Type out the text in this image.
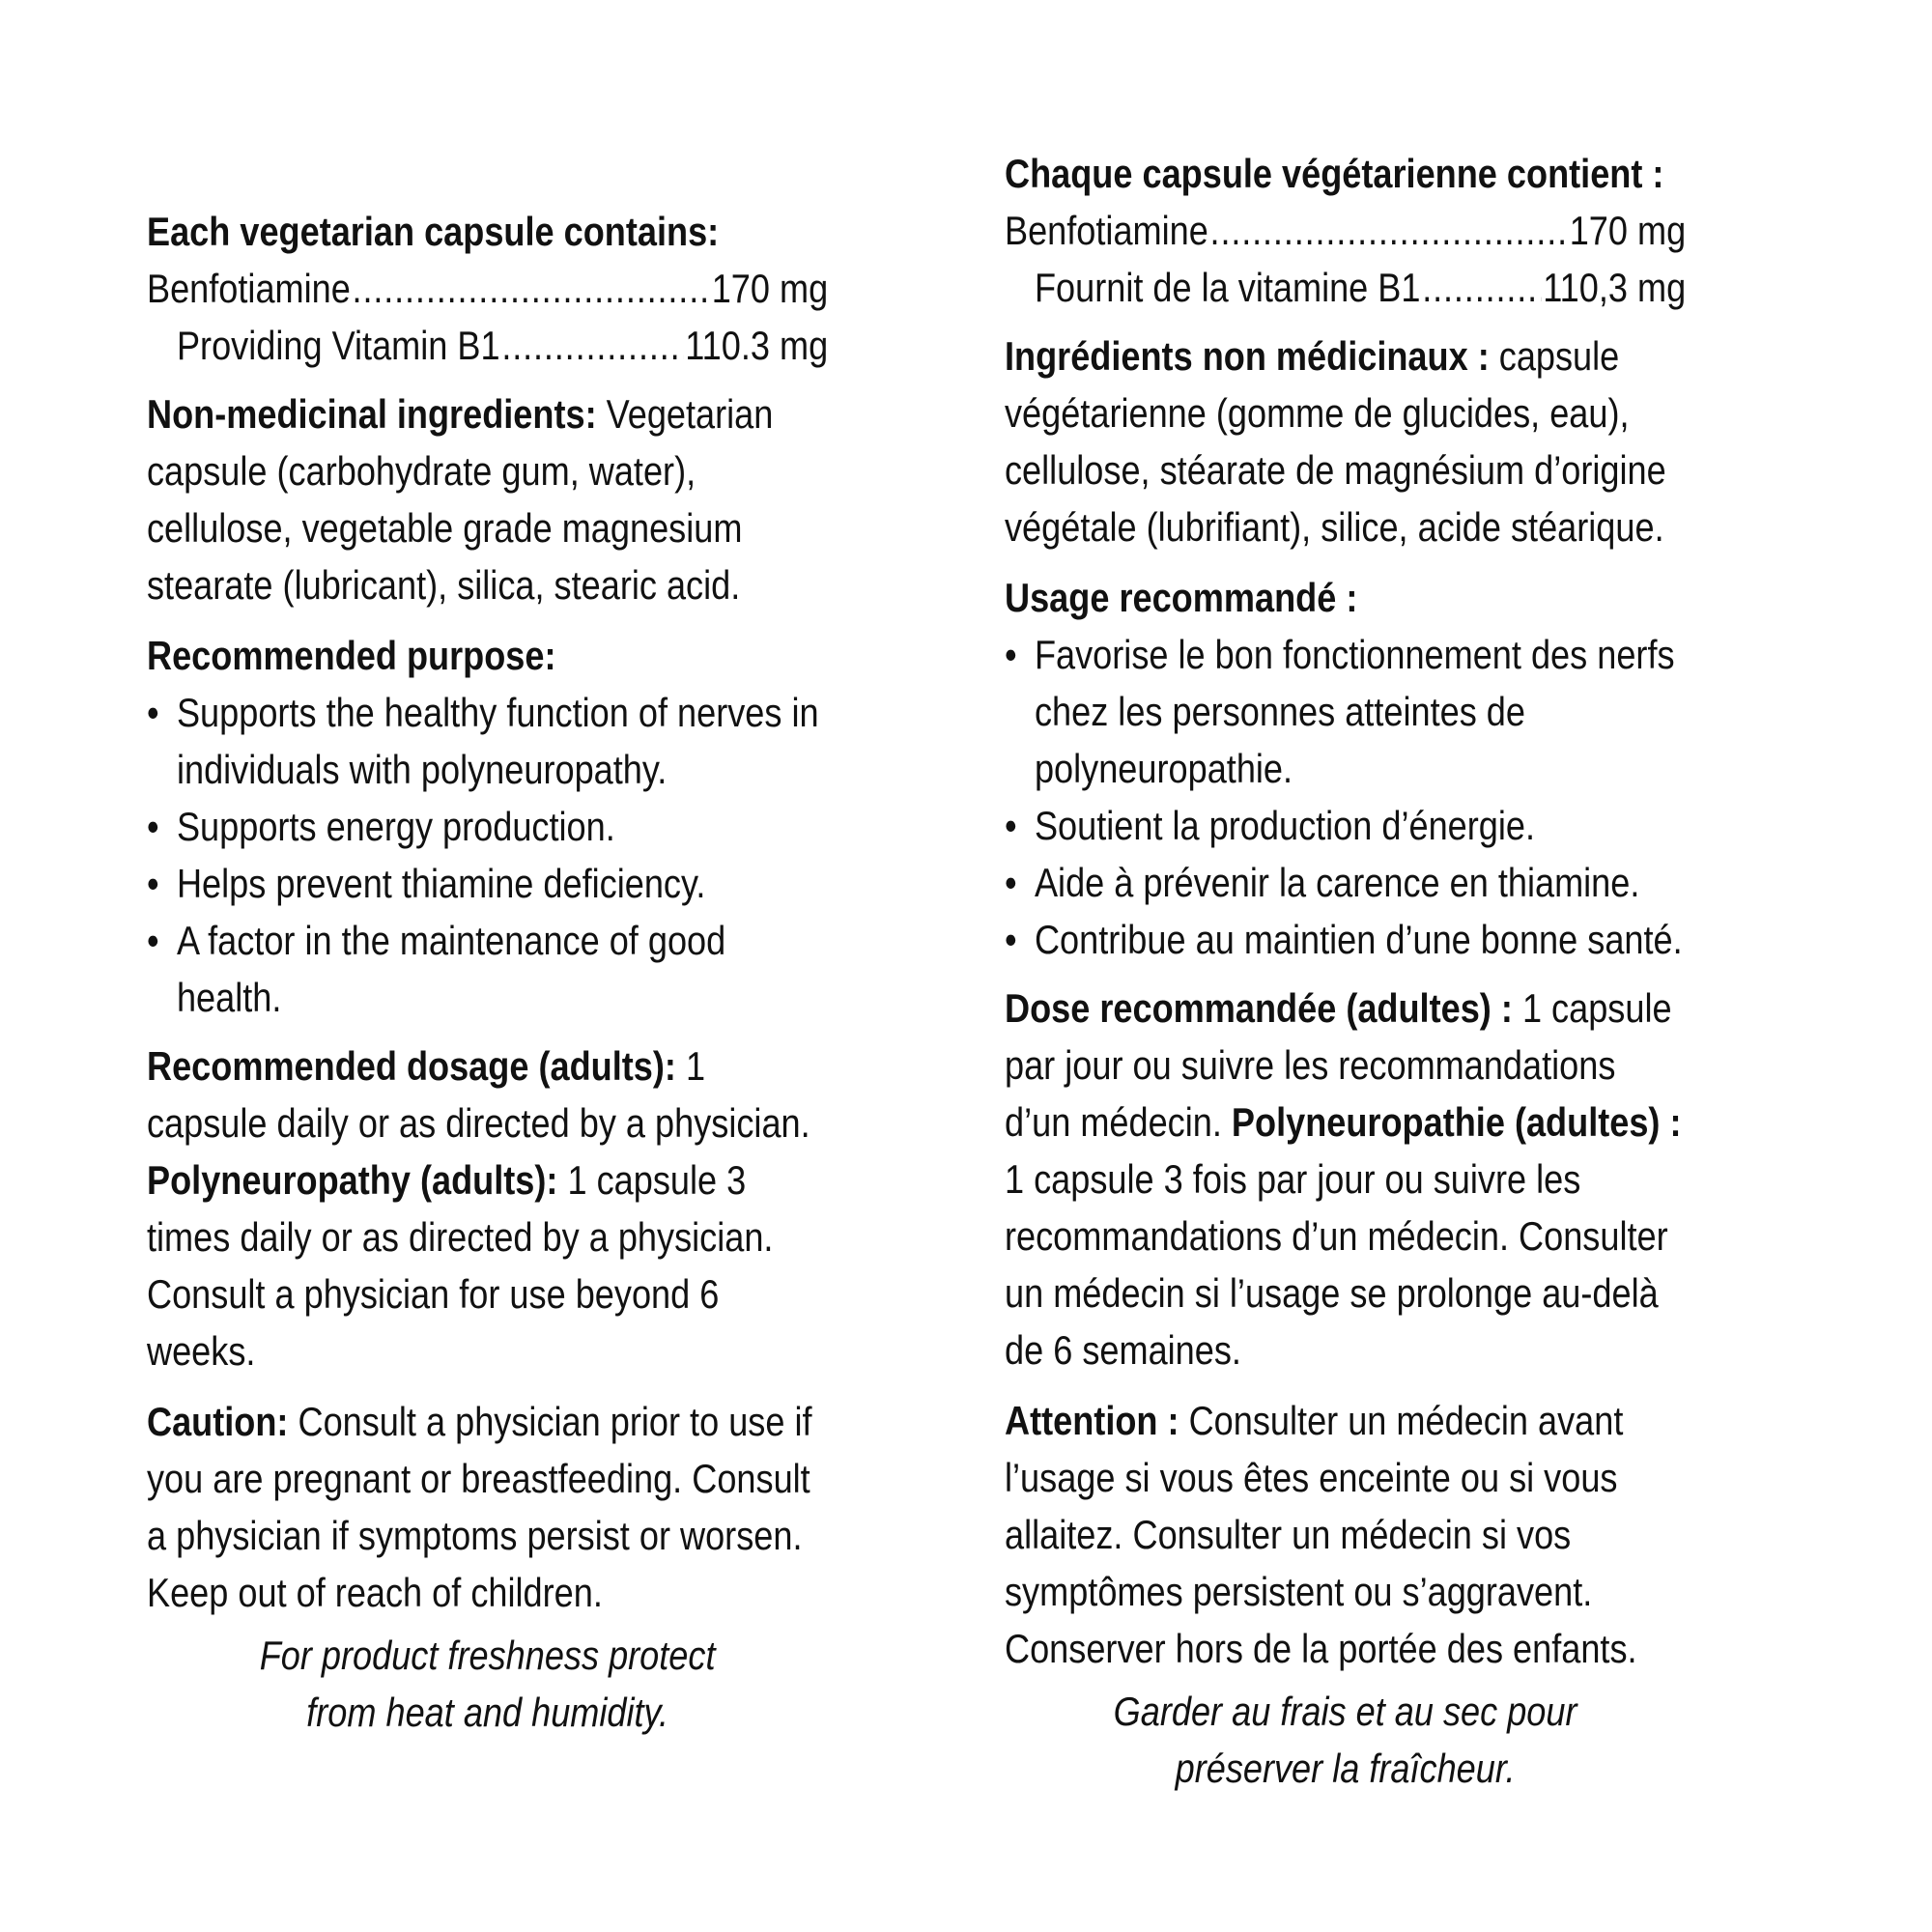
Each vegetarian capsule contains:
Benfotiamine .....	170 mg
Providing Vitamin B1 .....	110.3 mg
Non-medicinal ingredients: Vegetarian capsule (carbohydrate gum, water), cellulose, vegetable grade magnesium stearate (lubricant), silica, stearic acid.
Recommended purpose:
• Supports the healthy function of nerves in individuals with polyneuropathy.
• Supports energy production.
• Helps prevent thiamine deficiency.
• A factor in the maintenance of good health.
Recommended dosage (adults): 1 capsule daily or as directed by a physician. Polyneuropathy (adults): 1 capsule 3 times daily or as directed by a physician. Consult a physician for use beyond 6 weeks.
Caution: Consult a physician prior to use if you are pregnant or breastfeeding. Consult a physician if symptoms persist or worsen. Keep out of reach of children.
For product freshness protect
from heat and humidity.
Chaque capsule végétarienne contient :
Benfotiamine .....	170 mg
Fournit de la vitamine B1 .....	110,3 mg
Ingrédients non médicinaux : capsule végétarienne (gomme de glucides, eau), cellulose, stéarate de magnésium d’origine végétale (lubrifiant), silice, acide stéarique.
Usage recommandé :
• Favorise le bon fonctionnement des nerfs chez les personnes atteintes de polyneuropathie.
• Soutient la production d’énergie.
• Aide à prévenir la carence en thiamine.
• Contribue au maintien d’une bonne santé.
Dose recommandée (adultes) : 1 capsule par jour ou suivre les recommandations d’un médecin. Polyneuropathie (adultes) : 1 capsule 3 fois par jour ou suivre les recommandations d’un médecin. Consulter un médecin si l’usage se prolonge au-delà de 6 semaines.
Attention : Consulter un médecin avant l’usage si vous êtes enceinte ou si vous allaitez. Consulter un médecin si vos symptômes persistent ou s’aggravent. Conserver hors de la portée des enfants.
Garder au frais et au sec pour
préserver la fraîcheur.
